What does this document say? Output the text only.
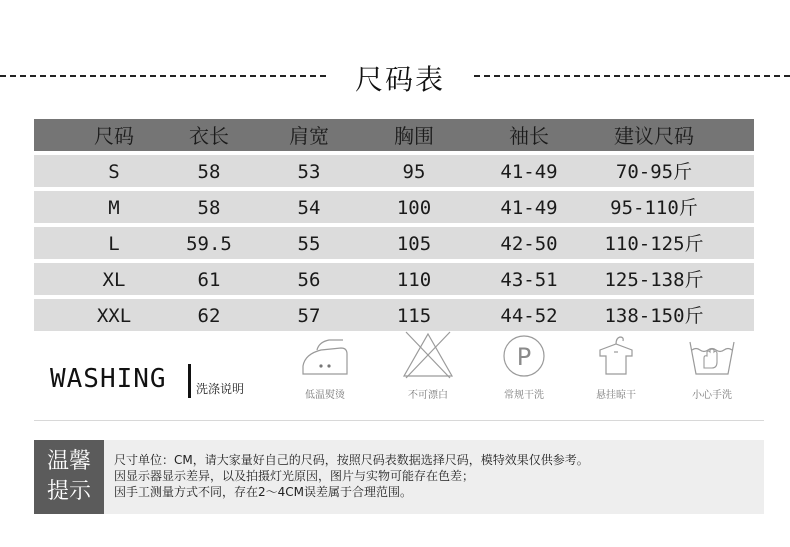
尺码表
尺码	衣长	肩宽	胸围	袖长	建议尺码
S	58	53	95	41-49	70-95斤
M	58	54	100	41-49	95-110斤
L	59.5	55	105	42-50	110-125斤
XL	61	56	110	43-51	125-138斤
XXL	62	57	115	44-52	138-150斤
WASHING 洗涤说明	低温熨烫	不可漂白
P
常规干洗	悬挂晾干	小心手洗
温馨
提示
尺寸单位：CM，请大家量好自己的尺码，按照尺码表数据选择尺码，模特效果仅供参考。
因显示器显示差异，以及拍摄灯光原因，图片与实物可能存在色差；
因手工测量方式不同，存在2～4CM误差属于合理范围。
